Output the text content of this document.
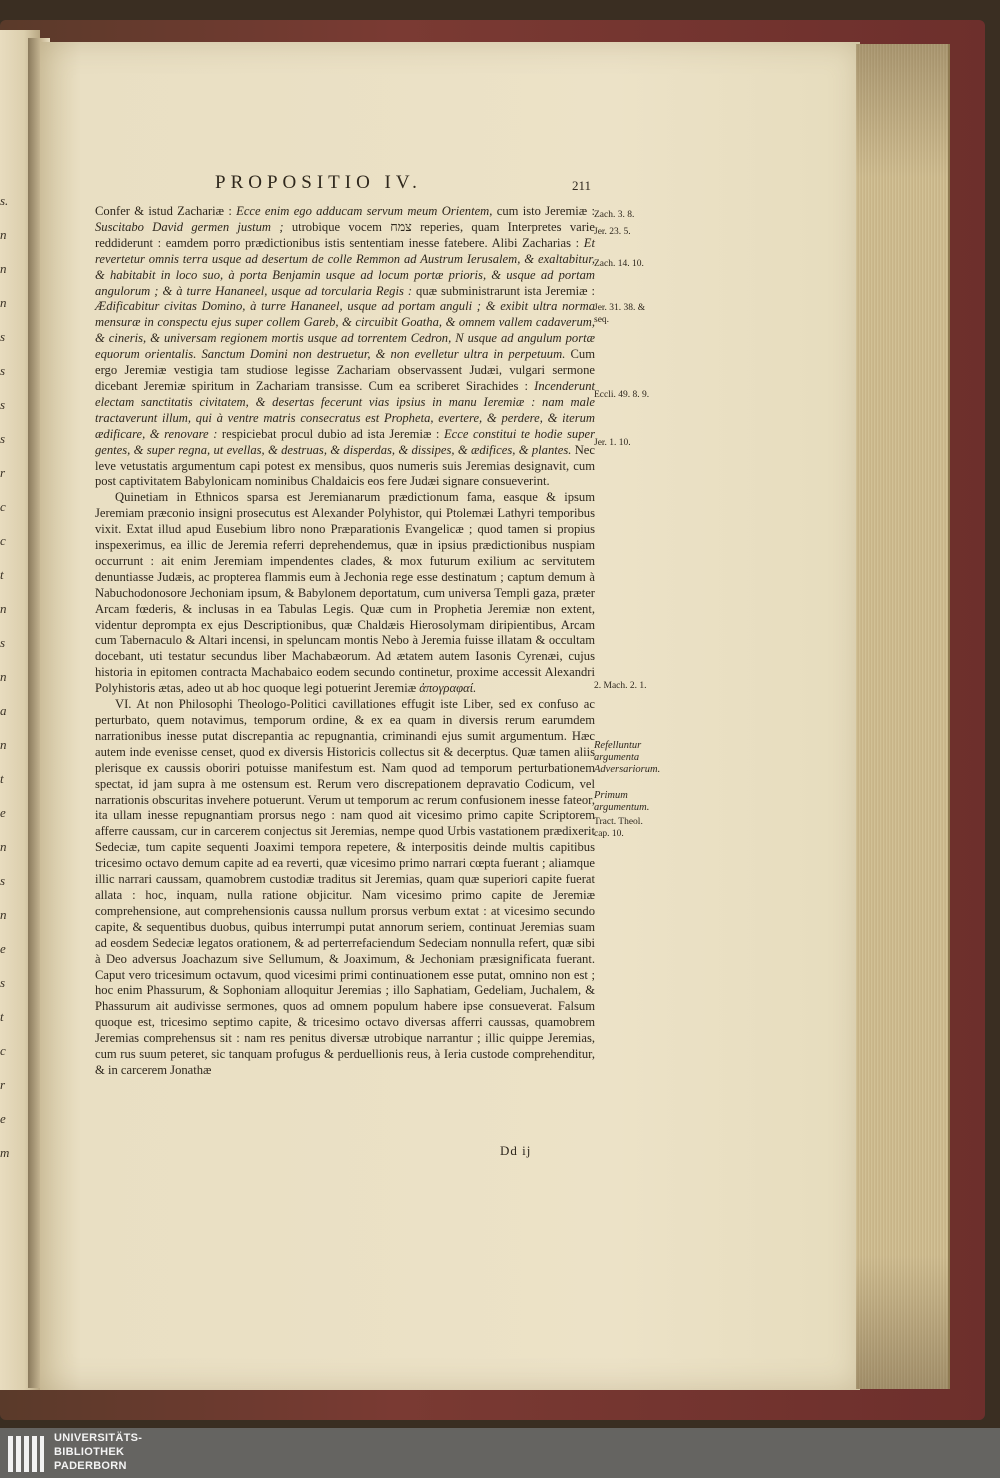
s.
n
n
n
s
s
s
s
r
c
c
t
n
s
n
a
n
t
e
n
s
n
e
s
t
c
r
e
m
PROPOSITIO IV.	211

Confer & istud Zachariæ : Ecce enim ego adducam servum meum Orientem, cum isto Jeremiæ : Suscitabo David germen justum ; utrobique vocem צמח reperies, quam Interpretes varie reddiderunt : eamdem porro prædictionibus istis sententiam inesse fatebere. Alibi Zacharias : Et revertetur omnis terra usque ad desertum de colle Remmon ad Austrum Ierusalem, & exaltabitur, & habitabit in loco suo, à porta Benjamin usque ad locum portæ prioris, & usque ad portam angulorum ; & à turre Hananeel, usque ad torcularia Regis : quæ subministrarunt ista Jeremiæ : Ædificabitur civitas Domino, à turre Hananeel, usque ad portam anguli ; & exibit ultra norma mensuræ in conspectu ejus super collem Gareb, & circuibit Goatha, & omnem vallem cadaverum, & cineris, & universam regionem mortis usque ad torrentem Cedron, N usque ad angulum portæ equorum orientalis. Sanctum Domini non destruetur, & non evelletur ultra in perpetuum. Cum ergo Jeremiæ vestigia tam studiose legisse Zachariam observassent Judæi, vulgari sermone dicebant Jeremiæ spiritum in Zachariam transisse. Cum ea scriberet Sirachides : Incenderunt electam sanctitatis civitatem, & desertas fecerunt vias ipsius in manu Ieremiæ : nam male tractaverunt illum, qui à ventre matris consecratus est Propheta, evertere, & perdere, & iterum ædificare, & renovare : respiciebat procul dubio ad ista Jeremiæ : Ecce constitui te hodie super gentes, & super regna, ut evellas, & destruas, & disperdas, & dissipes, & ædifices, & plantes. Nec leve vetustatis argumentum capi potest ex mensibus, quos numeris suis Jeremias designavit, cum post captivitatem Babylonicam nominibus Chaldaicis eos fere Judæi signare consueverint.

Quinetiam in Ethnicos sparsa est Jeremianarum prædictionum fama, easque & ipsum Jeremiam præconio insigni prosecutus est Alexander Polyhistor, qui Ptolemæi Lathyri temporibus vixit. Extat illud apud Eusebium libro nono Præparationis Evangelicæ ; quod tamen si propius inspexerimus, ea illic de Jeremia referri deprehendemus, quæ in ipsius prædictionibus nuspiam occurrunt : ait enim Jeremiam impendentes clades, & mox futurum exilium ac servitutem denuntiasse Judæis, ac propterea flammis eum à Jechonia rege esse destinatum ; captum demum à Nabuchodonosore Jechoniam ipsum, & Babylonem deportatum, cum universa Templi gaza, præter Arcam fœderis, & inclusas in ea Tabulas Legis. Quæ cum in Prophetia Jeremiæ non extent, videntur deprompta ex ejus Descriptionibus, quæ Chaldæis Hierosolymam diripientibus, Arcam cum Tabernaculo & Altari incensi, in speluncam montis Nebo à Jeremia fuisse illatam & occultam docebant, uti testatur secundus liber Machabæorum. Ad ætatem autem Iasonis Cyrenæi, cujus historia in epitomen contracta Machabaico eodem secundo continetur, proxime accessit Alexandri Polyhistoris ætas, adeo ut ab hoc quoque legi potuerint Jeremiæ ἀπογραφαί.

VI. At non Philosophi Theologo-Politici cavillationes effugit iste Liber, sed ex confuso ac perturbato, quem notavimus, temporum ordine, & ex ea quam in diversis rerum earumdem narrationibus inesse putat discrepantia ac repugnantia, criminandi ejus sumit argumentum. Hæc autem inde evenisse censet, quod ex diversis Historicis collectus sit & decerptus. Quæ tamen aliis plerisque ex caussis oboriri potuisse manifestum est. Nam quod ad temporum perturbationem spectat, id jam supra à me ostensum est. Rerum vero discrepationem depravatio Codicum, vel narrationis obscuritas invehere potuerunt. Verum ut temporum ac rerum confusionem inesse fateor, ita ullam inesse repugnantiam prorsus nego : nam quod ait vicesimo primo capite Scriptorem afferre caussam, cur in carcerem conjectus sit Jeremias, nempe quod Urbis vastationem prædixerit Sedeciæ, tum capite sequenti Joaximi tempora repetere, & interpositis deinde multis capitibus tricesimo octavo demum capite ad ea reverti, quæ vicesimo primo narrari cœpta fuerant ; aliamque illic narrari caussam, quamobrem custodiæ traditus sit Jeremias, quam quæ superiori capite fuerat allata : hoc, inquam, nulla ratione objicitur. Nam vicesimo primo capite de Jeremiæ comprehensione, aut comprehensionis caussa nullum prorsus verbum extat : at vicesimo secundo capite, & sequentibus duobus, quibus interrumpi putat annorum seriem, continuat Jeremias suam ad eosdem Sedeciæ legatos orationem, & ad perterrefaciendum Sedeciam nonnulla refert, quæ sibi à Deo adversus Joachazum sive Sellumum, & Joaximum, & Jechoniam præsignificata fuerant. Caput vero tricesimum octavum, quod vicesimi primi continuationem esse putat, omnino non est ; hoc enim Phassurum, & Sophoniam alloquitur Jeremias ; illo Saphatiam, Gedeliam, Juchalem, & Phassurum ait audivisse sermones, quos ad omnem populum habere ipse consueverat. Falsum quoque est, tricesimo septimo capite, & tricesimo octavo diversas afferri caussas, quamobrem Jeremias comprehensus sit : nam res penitus diversæ utrobique narrantur ; illic quippe Jeremias, cum rus suum peteret, sic tanquam profugus & perduellionis reus, à Ieria custode comprehenditur, & in carcerem Jonathæ

Zach. 3. 8.
Jer. 23. 5.
Zach. 14. 10.
Jer. 31. 38. & seq.
Eccli. 49. 8. 9.
Jer. 1. 10.
2. Mach. 2. 1.
Refelluntur argumenta Adversariorum.
Primum argumentum.
Tract. Theol. cap. 10.
Dd ij
UNIVERSITÄTS-
BIBLIOTHEK
PADERBORN
